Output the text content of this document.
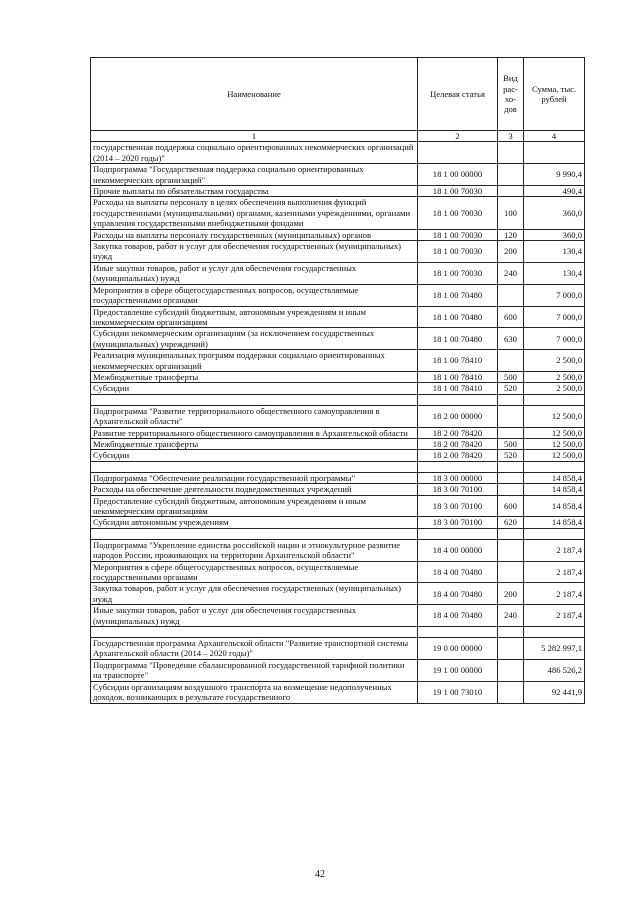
Наименование	Целевая статья	Вид рас-хо-дов	Сумма, тыс. рублей
1	2	3	4
государственная поддержка социально ориентированных некоммерческих организаций (2014 – 2020 годы)"			
Подпрограмма "Государственная поддержка социально ориентированных некоммерческих организаций"	18 1 00 00000		9 990,4
Прочие выплаты по обязательствам государства	18 1 00 70030		490,4
Расходы на выплаты персоналу в целях обеспечения выполнения функций государственными (муниципальными) органами, казенными учреждениями, органами управления государственными внебюджетными фондами	18 1 00 70030	100	360,0
Расходы на выплаты персоналу государственных (муниципальных) органов	18 1 00 70030	120	360,0
Закупка товаров, работ и услуг для обеспечения государственных (муниципальных) нужд	18 1 00 70030	200	130,4
Иные закупки товаров, работ и услуг для обеспечения государственных (муниципальных) нужд	18 1 00 70030	240	130,4
Мероприятия в сфере общегосударственных вопросов, осуществляемые государственными органами	18 1 00 70480		7 000,0
Предоставление субсидий бюджетным, автономным учреждениям и иным некоммерческим организациям	18 1 00 70480	600	7 000,0
Субсидии некоммерческим организациям (за исключением государственных (муниципальных) учреждений)	18 1 00 70480	630	7 000,0
Реализация муниципальных программ поддержки социально ориентированных некоммерческих организаций	18 1 00 78410		2 500,0
Межбюджетные трансферты	18 1 00 78410	500	2 500,0
Субсидии	18 1 00 78410	520	2 500,0

Подпрограмма "Развитие территориального общественного самоуправления в Архангельской области"	18 2 00 00000		12 500,0
Развитие территориального общественного самоуправления в Архангельской области	18 2 00 78420		12 500,0
Межбюджетные трансферты	18 2 00 78420	500	12 500,0
Субсидии	18 2 00 78420	520	12 500,0

Подпрограмма "Обеспечение реализации государственной программы"	18 3 00 00000		14 858,4
Расходы на обеспечение деятельности подведомственных учреждений	18 3 00 70100		14 858,4
Предоставление субсидий бюджетным, автономным учреждениям и иным некоммерческим организациям	18 3 00 70100	600	14 858,4
Субсидии автономным учреждениям	18 3 00 70100	620	14 858,4

Подпрограмма "Укрепление единства российской нации и этнокультурное развитие народов России, проживающих на территории Архангельской области"	18 4 00 00000		2 187,4
Мероприятия в сфере общегосударственных вопросов, осуществляемые государственными органами	18 4 00 70480		2 187,4
Закупка товаров, работ и услуг для обеспечения государственных (муниципальных) нужд	18 4 00 70480	200	2 187,4
Иные закупки товаров, работ и услуг для обеспечения государственных (муниципальных) нужд	18 4 00 70480	240	2 187,4

Государственная программа Архангельской области "Развитие транспортной системы Архангельской области (2014 – 2020 годы)"	19 0 00 00000		5 282 997,1
Подпрограмма "Проведение сбалансированной государственной тарифной политики на транспорте"	19 1 00 00000		486 526,2
Субсидии организациям воздушного транспорта на возмещение недополученных доходов, возникающих в результате государственного	19 1 00 73010		92 441,9
42
